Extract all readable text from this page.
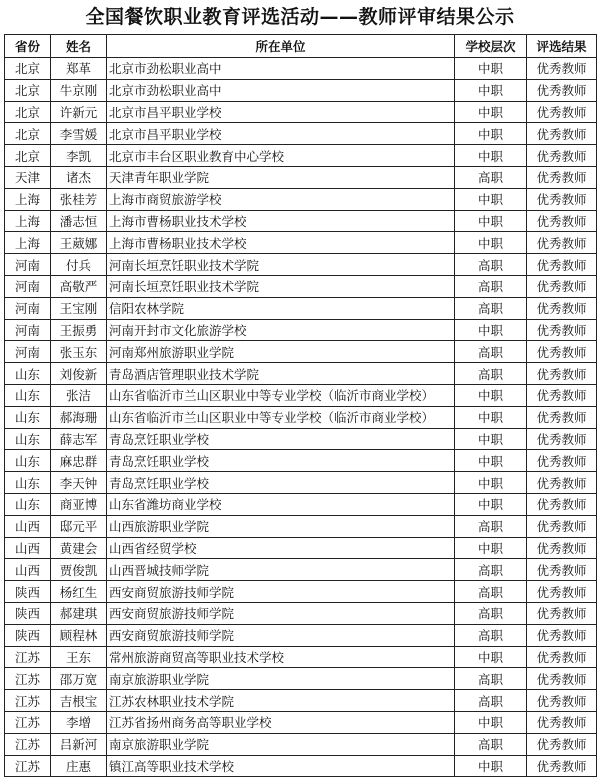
全国餐饮职业教育评选活动——教师评审结果公示
省份	姓名	所在单位	学校层次	评选结果
北京	郑革	北京市劲松职业高中	中职	优秀教师
北京	牛京刚	北京市劲松职业高中	中职	优秀教师
北京	许新元	北京市昌平职业学校	中职	优秀教师
北京	李雪媛	北京市昌平职业学校	中职	优秀教师
北京	李凯	北京市丰台区职业教育中心学校	中职	优秀教师
天津	诸杰	天津青年职业学院	高职	优秀教师
上海	张桂芳	上海市商贸旅游学校	中职	优秀教师
上海	潘志恒	上海市曹杨职业技术学校	中职	优秀教师
上海	王葳娜	上海市曹杨职业技术学校	中职	优秀教师
河南	付兵	河南长垣烹饪职业技术学院	高职	优秀教师
河南	高敬严	河南长垣烹饪职业技术学院	高职	优秀教师
河南	王宝刚	信阳农林学院	高职	优秀教师
河南	王振勇	河南开封市文化旅游学校	中职	优秀教师
河南	张玉东	河南郑州旅游职业学院	高职	优秀教师
山东	刘俊新	青岛酒店管理职业技术学院	高职	优秀教师
山东	张洁	山东省临沂市兰山区职业中等专业学校（临沂市商业学校）	中职	优秀教师
山东	郝海珊	山东省临沂市兰山区职业中等专业学校（临沂市商业学校）	中职	优秀教师
山东	薛志军	青岛烹饪职业学校	中职	优秀教师
山东	麻忠群	青岛烹饪职业学校	中职	优秀教师
山东	李天钟	青岛烹饪职业学校	中职	优秀教师
山东	商亚博	山东省潍坊商业学校	中职	优秀教师
山西	邸元平	山西旅游职业学院	高职	优秀教师
山西	黄建会	山西省经贸学校	中职	优秀教师
山西	贾俊凯	山西晋城技师学院	高职	优秀教师
陕西	杨红生	西安商贸旅游技师学院	高职	优秀教师
陕西	郝建琪	西安商贸旅游技师学院	高职	优秀教师
陕西	顾程林	西安商贸旅游技师学院	高职	优秀教师
江苏	王东	常州旅游商贸高等职业技术学校	中职	优秀教师
江苏	邵万宽	南京旅游职业学院	高职	优秀教师
江苏	吉根宝	江苏农林职业技术学院	高职	优秀教师
江苏	李增	江苏省扬州商务高等职业学校	中职	优秀教师
江苏	吕新河	南京旅游职业学院	高职	优秀教师
江苏	庄惠	镇江高等职业技术学校	中职	优秀教师
